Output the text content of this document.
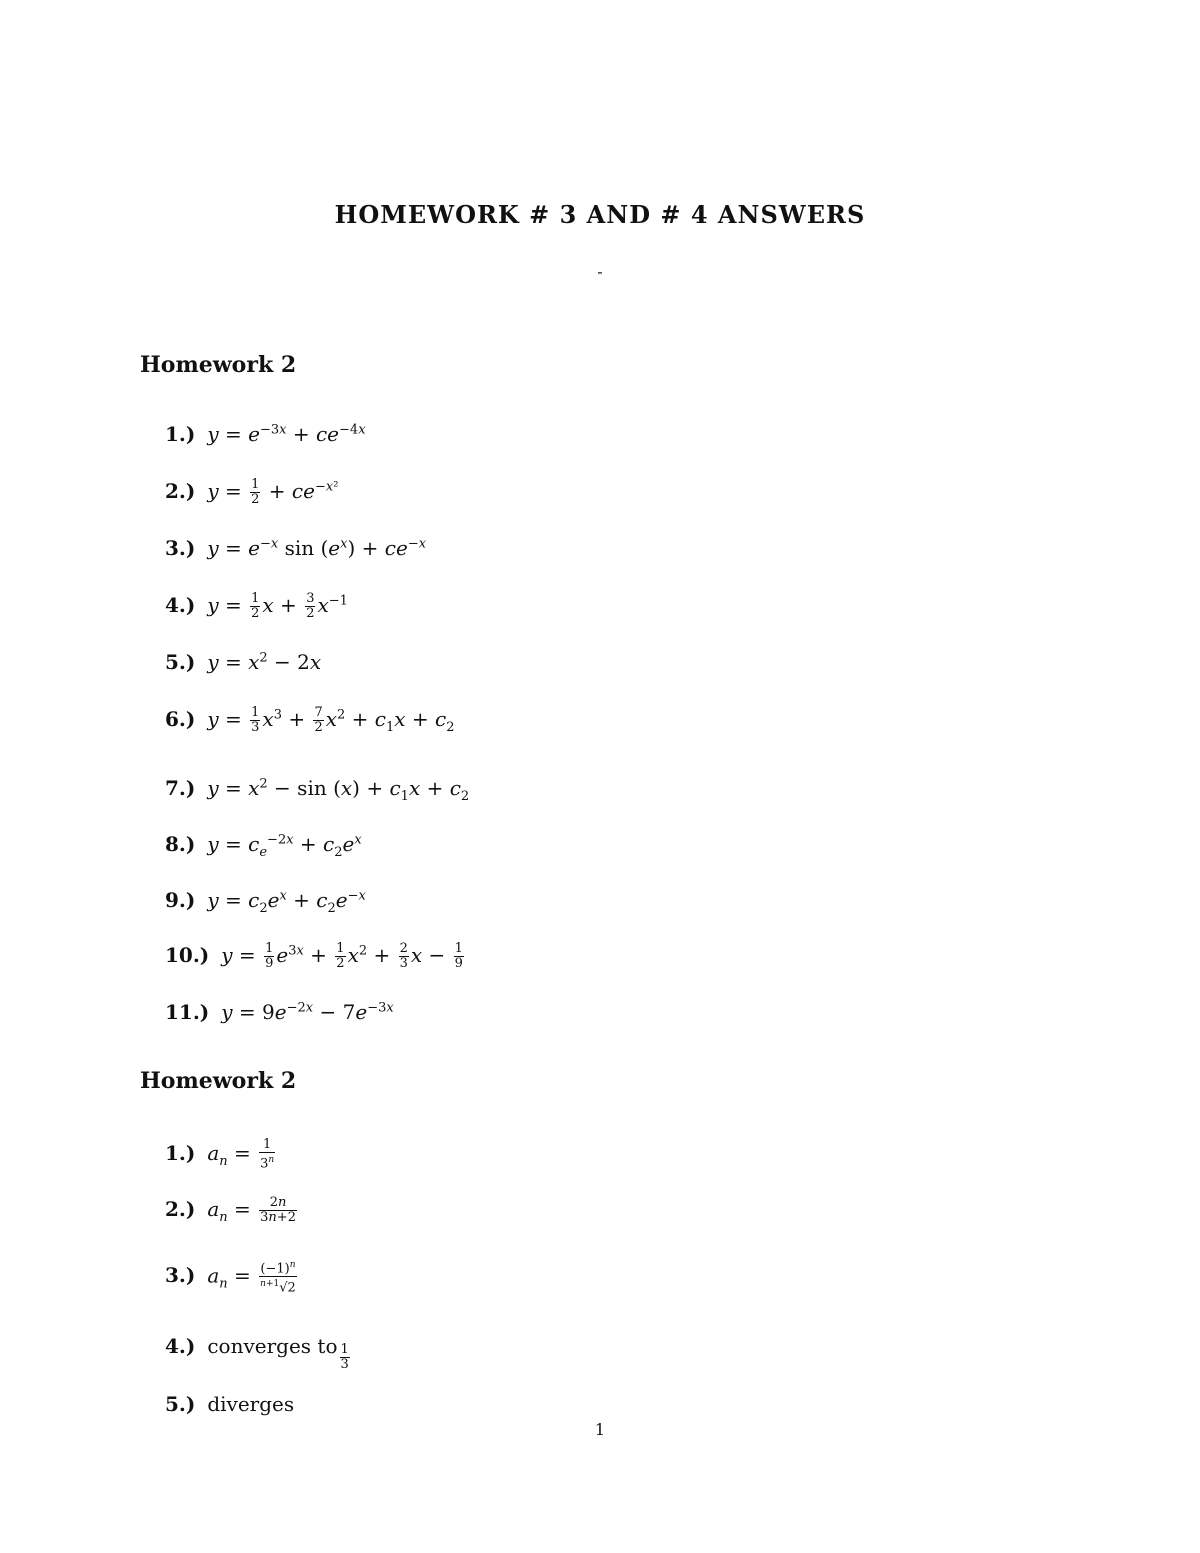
HOMEWORK # 3 AND # 4 ANSWERS
-
Homework 2
1.) $y = e^{-3x} + ce^{-4x}$
2.) $y = \frac{1}{2} + ce^{-x^2}$
3.) $y = e^{-x}$ $\sin (e^x) + ce^{-x}$
4.) $y = \frac{1}{2}$ $x + \frac{3}{2} x^{-1}$
5.) $y = x^2 - 2x$
6.) $y = \frac{1}{3} x^3 + \frac{7}{2} x^2 + c_1x + c_2$
7.) $y = x^2 - \sin (x) + c_1x + c_2$
8.) $y = c_e^{-2x} + c_2e^x$
9.) $y = c_2e^x + c_2e^{-x}$
10.) $y = \frac{1}{9} e^{3x} + \frac{1}{2} x^2 + \frac{2}{3}$ $x - \frac{1}{9}$
11.) $y = 9e^{-2x} - 7e^{-3x}$
Homework 2
1.) $a_n = \frac{1}{3^n}$
2.) $a_n = \frac{2n}{3n+2}$
3.) $a_n = \frac{(-1)^n}{^{n+1}√2}$
4.) converges to $\frac{1}{3}$
5.) diverges
1
